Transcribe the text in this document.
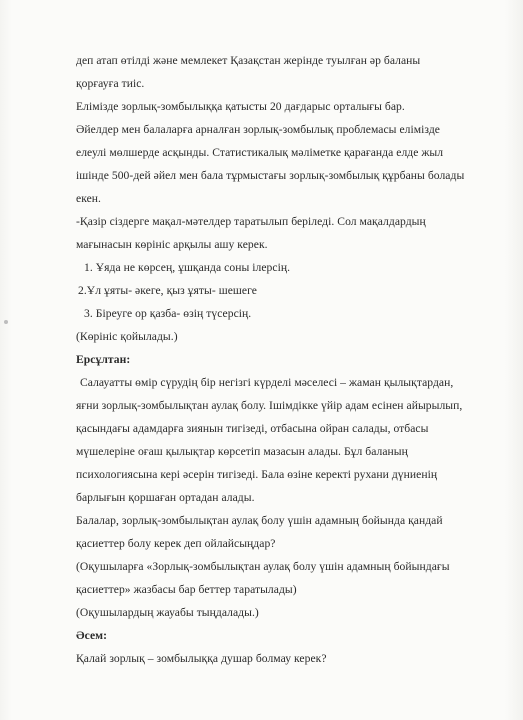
деп атап өтілді және мемлекет Қазақстан жерінде туылған әр баланы
қорғауға тиіс.
Елімізде зорлық-зомбылыққа қатысты 20 дағдарыс орталығы бар.
Әйелдер мен балаларға арналған зорлық-зомбылық проблемасы елімізде
елеулі мөлшерде асқынды. Статистикалық мәліметке қарағанда елде жыл
ішінде 500-дей әйел мен бала тұрмыстағы зорлық-зомбылық құрбаны болады
екен.
-Қазір сіздерге мақал-мәтелдер таратылып беріледі. Сол мақалдардың
мағынасын көрініс арқылы ашу керек.
1. Ұяда не көрсең, ұшқанда соны ілерсің.
2.Ұл ұяты- әкеге, қыз ұяты- шешеге
3. Біреуге ор қазба- өзің түсерсің.
(Көрініс қойылады.)
Ерсұлтан:
Салауатты өмір сүрудің бір негізгі күрделі мәселесі – жаман қылықтардан,
яғни зорлық-зомбылықтан аулақ болу. Ішімдікке үйір адам есінен айырылып,
қасындағы адамдарға зиянын тигізеді, отбасына ойран салады, отбасы
мүшелеріне оғаш қылықтар көрсетіп мазасын алады. Бұл баланың
психологиясына кері әсерін тигізеді. Бала өзіне керекті рухани дүниенің
барлығын қоршаған ортадан алады.
Балалар, зорлық-зомбылықтан аулақ болу үшін адамның бойында қандай
қасиеттер болу керек деп ойлайсыңдар?
(Оқушыларға «Зорлық-зомбылықтан аулақ болу үшін адамның бойындағы
қасиеттер» жазбасы бар беттер таратылады)
(Оқушылардың жауабы тыңдалады.)
Әсем:
Қалай зорлық – зомбылыққа душар болмау керек?
